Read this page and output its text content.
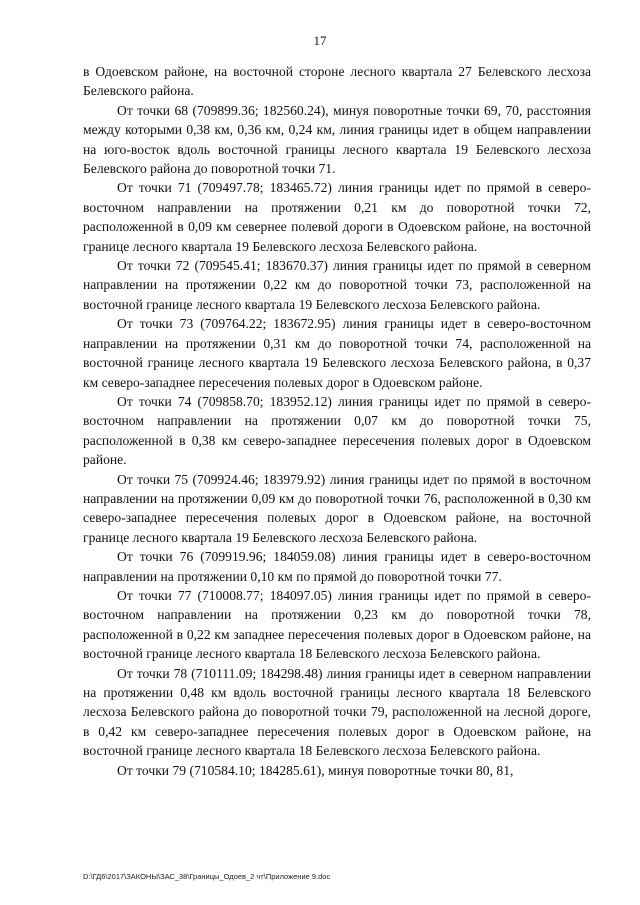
17

в Одоевском районе, на восточной стороне лесного квартала 27 Белевского лесхоза Белевского района.

От точки 68 (709899.36; 182560.24), минуя поворотные точки 69, 70, расстояния между которыми 0,38 км, 0,36 км, 0,24 км, линия границы идет в общем направлении на юго-восток вдоль восточной границы лесного квартала 19 Белевского лесхоза Белевского района до поворотной точки 71.

От точки 71 (709497.78; 183465.72) линия границы идет по прямой в северо-восточном направлении на протяжении 0,21 км до поворотной точки 72, расположенной в 0,09 км севернее полевой дороги в Одоевском районе, на восточной границе лесного квартала 19 Белевского лесхоза Белевского района.

От точки 72 (709545.41; 183670.37) линия границы идет по прямой в северном направлении на протяжении 0,22 км до поворотной точки 73, расположенной на восточной границе лесного квартала 19 Белевского лесхоза Белевского района.

От точки 73 (709764.22; 183672.95) линия границы идет в северо-восточном направлении на протяжении 0,31 км до поворотной точки 74, расположенной на восточной границе лесного квартала 19 Белевского лесхоза Белевского района, в 0,37 км северо-западнее пересечения полевых дорог в Одоевском районе.

От точки 74 (709858.70; 183952.12) линия границы идет по прямой в северо-восточном направлении на протяжении 0,07 км до поворотной точки 75, расположенной в 0,38 км северо-западнее пересечения полевых дорог в Одоевском районе.

От точки 75 (709924.46; 183979.92) линия границы идет по прямой в восточном направлении на протяжении 0,09 км до поворотной точки 76, расположенной в 0,30 км северо-западнее пересечения полевых дорог в Одоевском районе, на восточной границе лесного квартала 19 Белевского лесхоза Белевского района.

От точки 76 (709919.96; 184059.08) линия границы идет в северо-восточном направлении на протяжении 0,10 км по прямой до поворотной точки 77.

От точки 77 (710008.77; 184097.05) линия границы идет по прямой в северо-восточном направлении на протяжении 0,23 км до поворотной точки 78, расположенной в 0,22 км западнее пересечения полевых дорог в Одоевском районе, на восточной границе лесного квартала 18 Белевского лесхоза Белевского района.

От точки 78 (710111.09; 184298.48) линия границы идет в северном направлении на протяжении 0,48 км вдоль восточной границы лесного квартала 18 Белевского лесхоза Белевского района до поворотной точки 79, расположенной на лесной дороге, в 0,42 км северо-западнее пересечения полевых дорог в Одоевском районе, на восточной границе лесного квартала 18 Белевского лесхоза Белевского района.

От точки 79 (710584.10; 184285.61), минуя поворотные точки 80, 81,

D:\ГД6\2017\ЗАКОНЫ\ЗАС_38\Границы_Одоев_2 чт\Приложение 9.doc
